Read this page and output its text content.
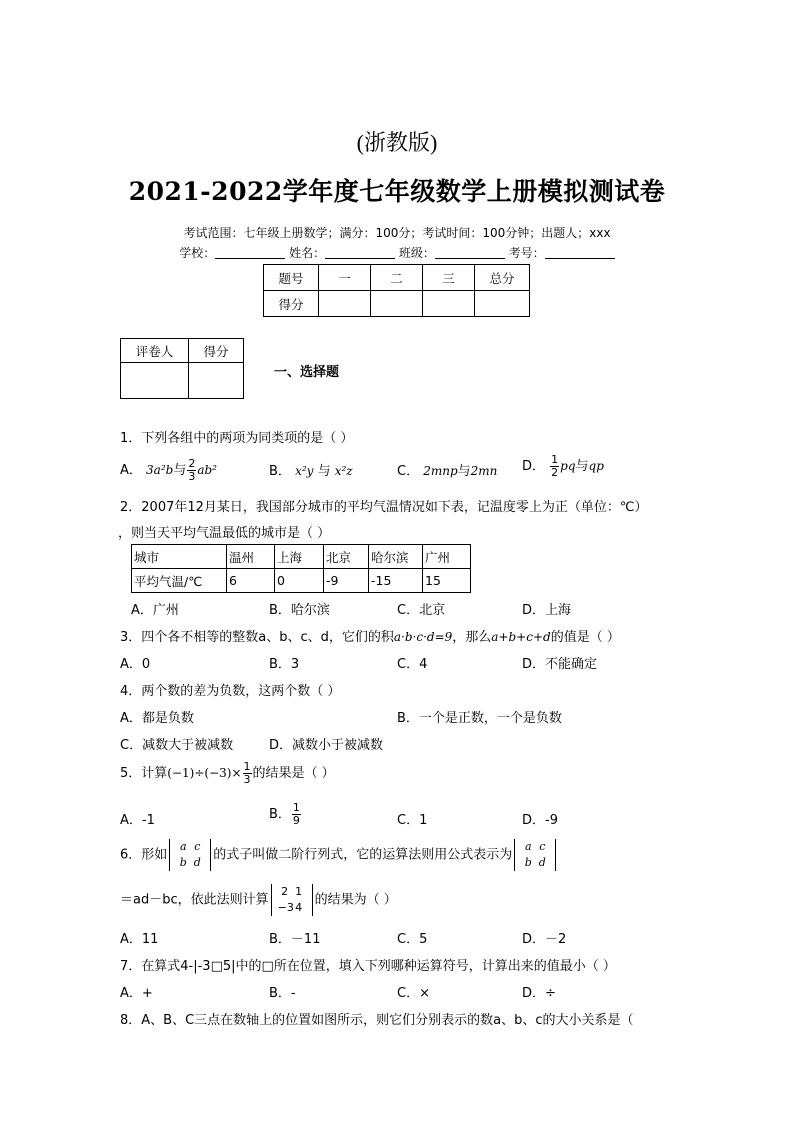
(浙教版)
2021-2022学年度七年级数学上册模拟测试卷
考试范围：七年级上册数学；满分：100分；考试时间：100分钟；出题人；xxx
学校：	姓名：	班级：	考号：
题号	一	二	三	总分
得分				
评卷人	得分

一、选择题
1．下列各组中的两项为同类项的是（ ）
A． 3a²b与 $\frac{2}{3} ab^2$	B． x²y 与 x²z	C． 2mnp与2mn D． $\frac{1}{2}$ pq与qp
2．2007年12月某日，我国部分城市的平均气温情况如下表，记温度零上为正（单位：℃）
，则当天平均气温最低的城市是（ ）
城市	温州	上海	北京	哈尔滨	广州
平均气温/℃	6	0	-9	-15	15
A．广州	B．哈尔滨	C．北京	D．上海
3．四个各不相等的整数a、b、c、d，它们的积a·b·c·d=9，那么a+b+c+d的值是（ ）
A．0	B．3	C．4	D．不能确定
4．两个数的差为负数，这两个数（ ）
A．都是负数	B．一个是正数，一个是负数
C．减数大于被减数	D．减数小于被减数
5．计算$(-1)\div(-3)\times \frac{1}{3}$ 的结果是（ ）
A．-1	B． $\frac{1}{9}$	C．1	D．-9
6．形如a c
b d 的式子叫做二阶行列式，它的运算法则用公式表示为a c
b d
＝ad－bc，依此法则计算2 1
−34 的结果为（ ）
A．11	B．－11	C．5	D．－2
7．在算式4-|-3□5|中的□所在位置，填入下列哪种运算符号，计算出来的值最小（ ）
A．+	B．-	C．×	D．÷
8．A、B、C三点在数轴上的位置如图所示，则它们分别表示的数a、b、c的大小关系是（
